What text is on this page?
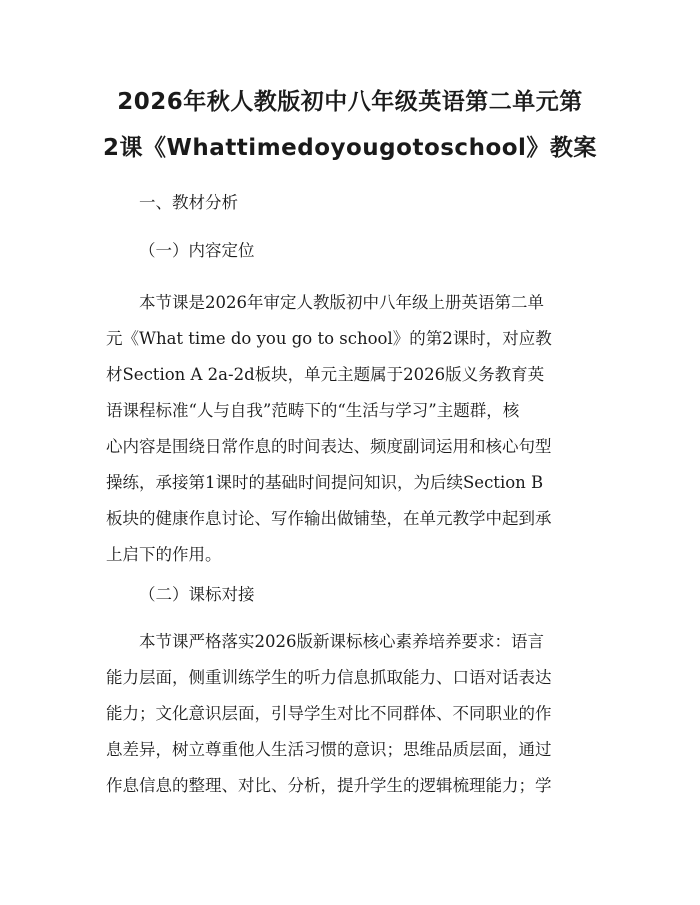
2026年秋人教版初中八年级英语第二单元第
2课《Whattimedoyougotoschool》教案
一、教材分析
（一）内容定位
　　本节课是2026年审定人教版初中八年级上册英语第二单
元《What time do you go to school》的第2课时，对应教
材Section A 2a-2d板块，单元主题属于2026版义务教育英
语课程标准“人与自我”范畴下的“生活与学习”主题群，核
心内容是围绕日常作息的时间表达、频度副词运用和核心句型
操练，承接第1课时的基础时间提问知识，为后续Section B
板块的健康作息讨论、写作输出做铺垫，在单元教学中起到承
上启下的作用。
（二）课标对接
　　本节课严格落实2026版新课标核心素养培养要求：语言
能力层面，侧重训练学生的听力信息抓取能力、口语对话表达
能力；文化意识层面，引导学生对比不同群体、不同职业的作
息差异，树立尊重他人生活习惯的意识；思维品质层面，通过
作息信息的整理、对比、分析，提升学生的逻辑梳理能力；学
